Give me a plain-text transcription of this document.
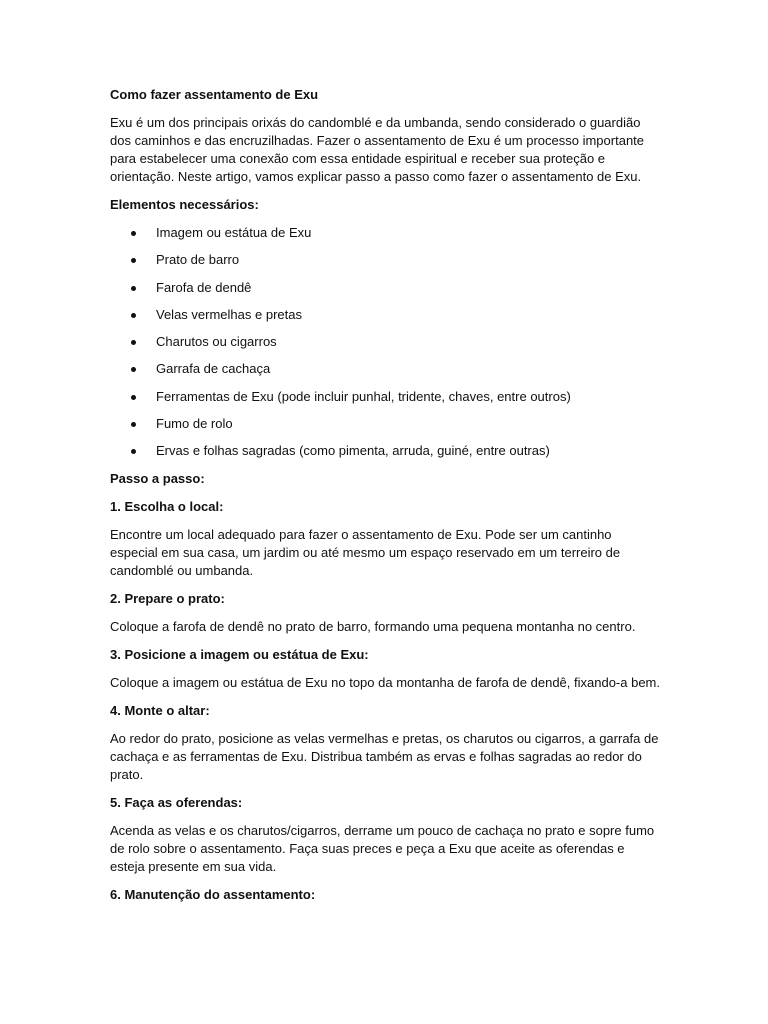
Como fazer assentamento de Exu
Exu é um dos principais orixás do candomblé e da umbanda, sendo considerado o guardião dos caminhos e das encruzilhadas. Fazer o assentamento de Exu é um processo importante para estabelecer uma conexão com essa entidade espiritual e receber sua proteção e orientação. Neste artigo, vamos explicar passo a passo como fazer o assentamento de Exu.
Elementos necessários:
Imagem ou estátua de Exu
Prato de barro
Farofa de dendê
Velas vermelhas e pretas
Charutos ou cigarros
Garrafa de cachaça
Ferramentas de Exu (pode incluir punhal, tridente, chaves, entre outros)
Fumo de rolo
Ervas e folhas sagradas (como pimenta, arruda, guiné, entre outras)
Passo a passo:
1. Escolha o local:
Encontre um local adequado para fazer o assentamento de Exu. Pode ser um cantinho especial em sua casa, um jardim ou até mesmo um espaço reservado em um terreiro de candomblé ou umbanda.
2. Prepare o prato:
Coloque a farofa de dendê no prato de barro, formando uma pequena montanha no centro.
3. Posicione a imagem ou estátua de Exu:
Coloque a imagem ou estátua de Exu no topo da montanha de farofa de dendê, fixando-a bem.
4. Monte o altar:
Ao redor do prato, posicione as velas vermelhas e pretas, os charutos ou cigarros, a garrafa de cachaça e as ferramentas de Exu. Distribua também as ervas e folhas sagradas ao redor do prato.
5. Faça as oferendas:
Acenda as velas e os charutos/cigarros, derrame um pouco de cachaça no prato e sopre fumo de rolo sobre o assentamento. Faça suas preces e peça a Exu que aceite as oferendas e esteja presente em sua vida.
6. Manutenção do assentamento:
